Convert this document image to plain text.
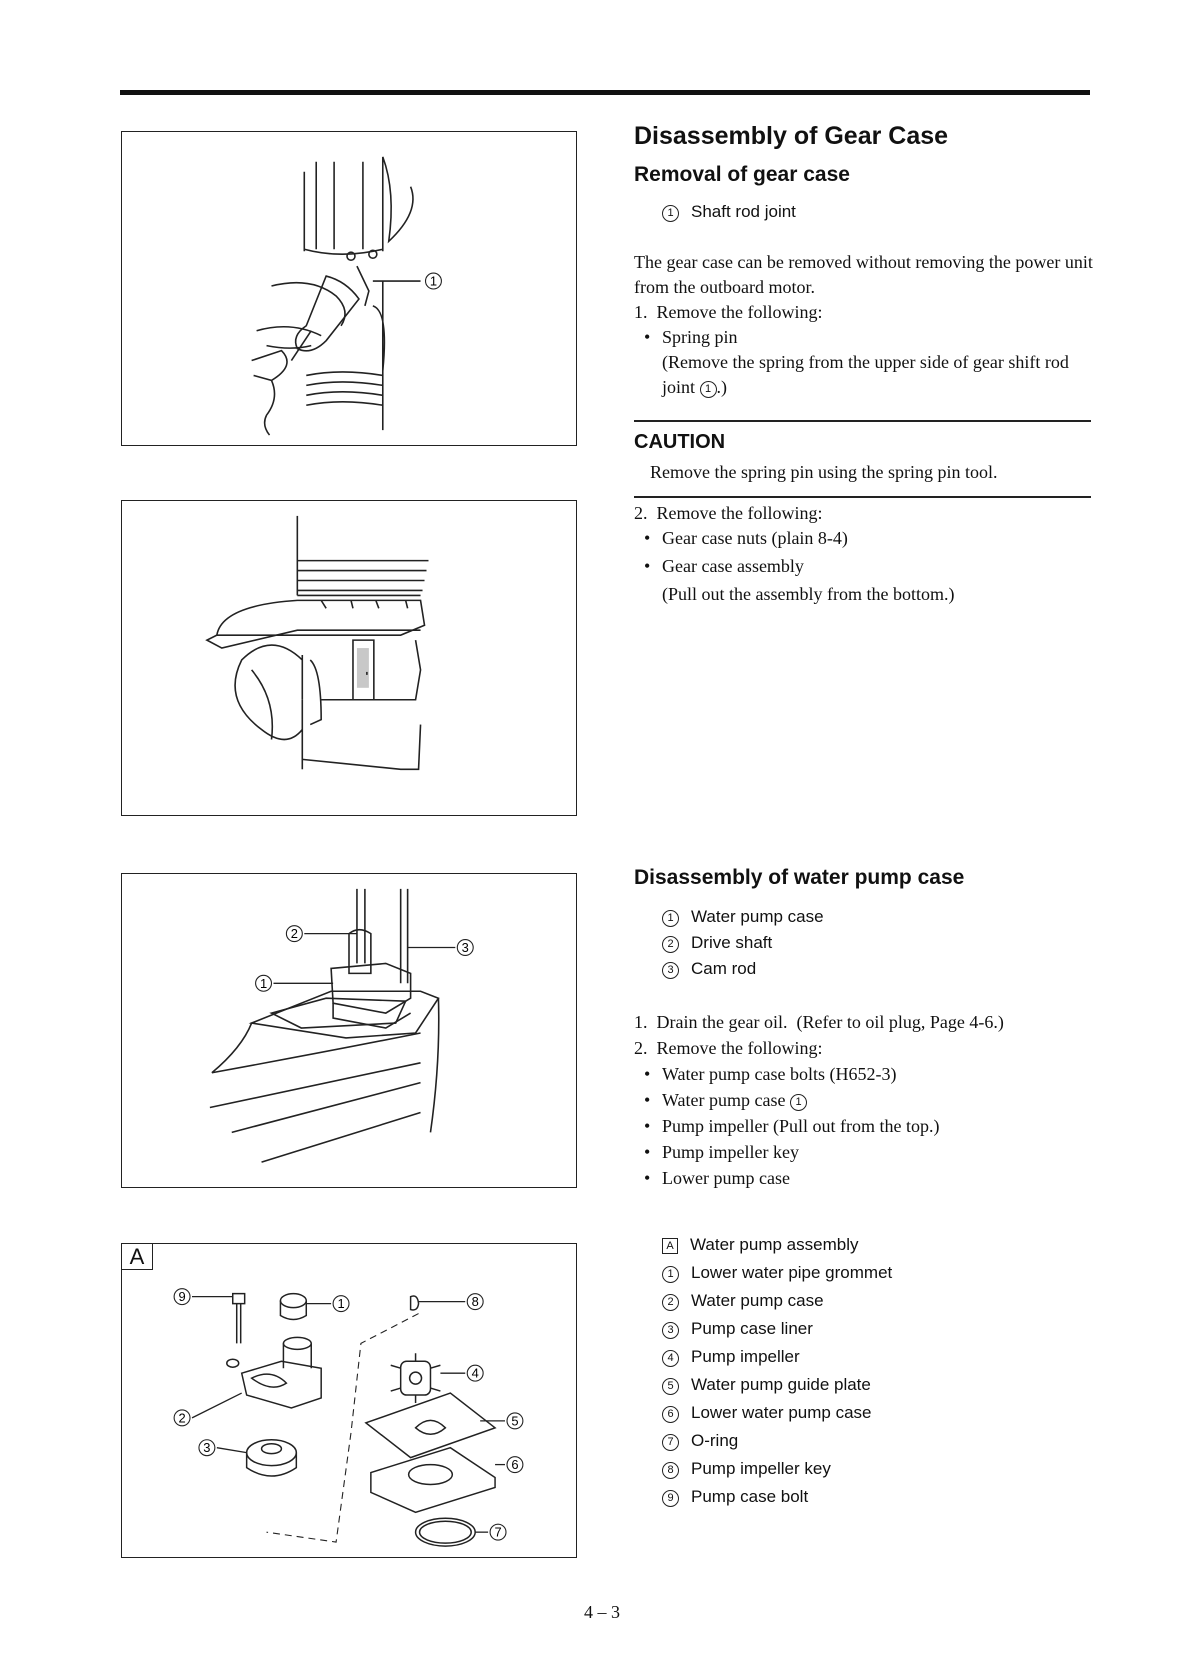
1
2
1
3
A
9	1	8
4
2	5
3
6
7
Disassembly of Gear Case
Removal of gear case
1 Shaft rod joint

The gear case can be removed without removing the power unit from the outboard motor.

1.  Remove the following:

• Spring pin

(Remove the spring from the upper side of gear shift rod joint 1 .)

CAUTION
Remove the spring pin using the spring pin tool.

2.  Remove the following:

• Gear case nuts (plain 8-4)

• Gear case assembly

(Pull out the assembly from the bottom.)

Disassembly of water pump case
1 Water pump case
2 Drive shaft
3 Cam rod

1.  Drain the gear oil.  (Refer to oil plug, Page 4-6.)

2.  Remove the following:

• Water pump case bolts (H652-3)

• Water pump case 1

• Pump impeller (Pull out from the top.)

• Pump impeller key

• Lower pump case

A Water pump assembly
1 Lower water pipe grommet
2 Water pump case
3 Pump case liner
4 Pump impeller
5 Water pump guide plate
6 Lower water pump case
7 O-ring
8 Pump impeller key
9 Pump case bolt
4 – 3
